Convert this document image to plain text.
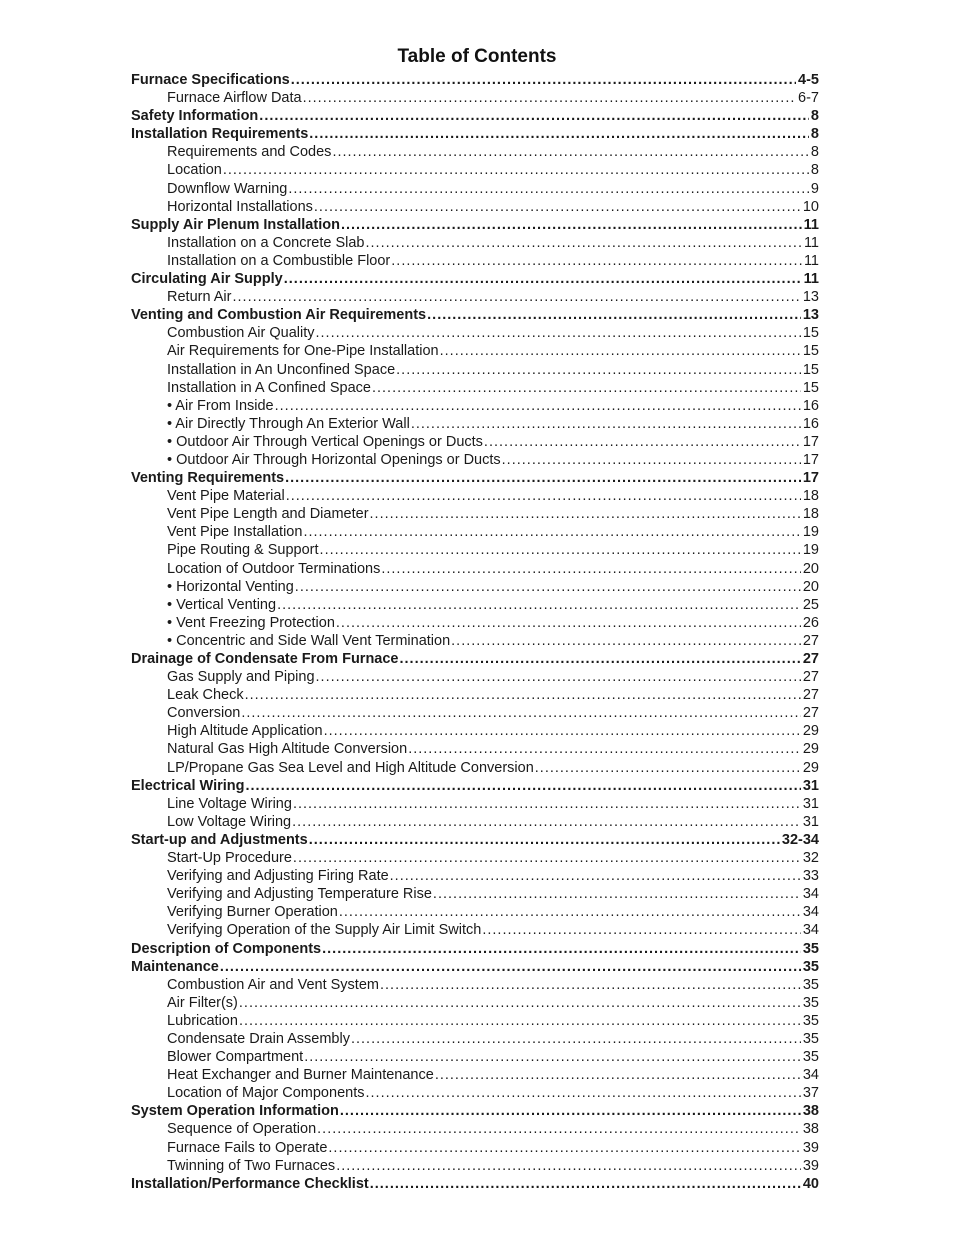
Table of Contents
Furnace Specifications .....	4-5
Furnace Airflow Data .....	6-7
Safety Information .....	8
Installation Requirements .....	8
Requirements and Codes .....	8
Location .....	8
Downflow Warning .....	9
Horizontal Installations .....	10
Supply Air Plenum Installation .....	11
Installation on a Concrete Slab .....	11
Installation on a Combustible Floor .....	11
Circulating Air Supply .....	11
Return Air .....	13
Venting and Combustion Air Requirements .....	13
Combustion Air Quality .....	15
Air Requirements for One-Pipe Installation .....	15
Installation in An Unconfined Space .....	15
Installation in A Confined Space .....	15
• Air From Inside .....	16
• Air Directly Through An Exterior Wall .....	16
• Outdoor Air Through Vertical Openings or Ducts .....	17
• Outdoor Air Through Horizontal Openings or Ducts .....	17
Venting Requirements .....	17
Vent Pipe Material .....	18
Vent Pipe Length and Diameter .....	18
Vent Pipe Installation .....	19
Pipe Routing & Support .....	19
Location of Outdoor Terminations .....	20
• Horizontal Venting .....	20
• Vertical Venting .....	25
• Vent Freezing Protection .....	26
• Concentric and Side Wall Vent Termination .....	27
Drainage of Condensate From Furnace .....	27
Gas Supply and Piping .....	27
Leak Check .....	27
Conversion .....	27
High Altitude Application .....	29
Natural Gas High Altitude Conversion .....	29
LP/Propane Gas Sea Level and High Altitude Conversion .....	29
Electrical Wiring .....	31
Line Voltage Wiring .....	31
Low Voltage Wiring .....	31
Start-up and Adjustments .....	32-34
Start-Up Procedure .....	32
Verifying and Adjusting Firing Rate .....	33
Verifying and Adjusting Temperature Rise .....	34
Verifying Burner Operation .....	34
Verifying Operation of the Supply Air Limit Switch .....	34
Description of Components .....	35
Maintenance .....	35
Combustion Air and Vent System .....	35
Air Filter(s) .....	35
Lubrication .....	35
Condensate Drain Assembly .....	35
Blower Compartment .....	35
Heat Exchanger and Burner Maintenance .....	34
Location of Major Components .....	37
System Operation Information .....	38
Sequence of Operation .....	38
Furnace Fails to Operate .....	39
Twinning of Two Furnaces .....	39
Installation/Performance Checklist .....	40
